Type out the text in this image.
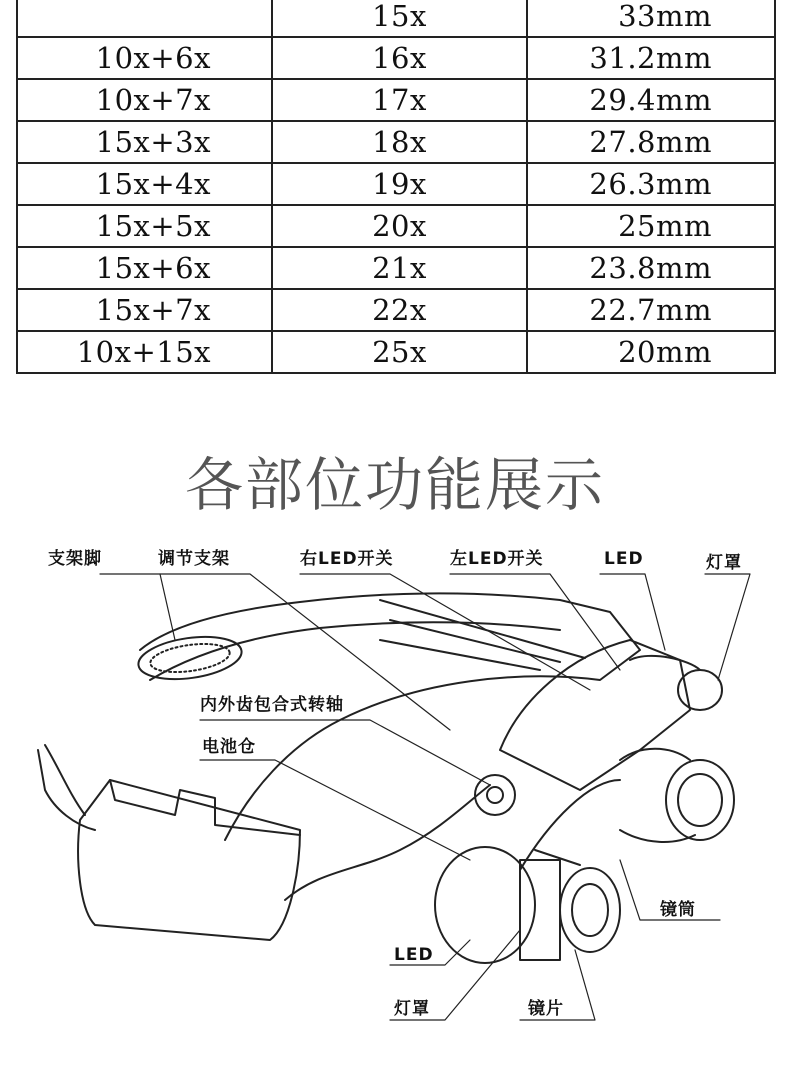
	15x	33mm
10x+6x	16x	31.2mm
10x+7x	17x	29.4mm
15x+3x	18x	27.8mm
15x+4x	19x	26.3mm
15x+5x	20x	25mm
15x+6x	21x	23.8mm
15x+7x	22x	22.7mm
10x+15x	25x	20mm
各部位功能展示
支架脚	调节支架	右LED开关	左LED开关	LED	灯罩
内外齿包合式转轴
电池仓
镜筒
LED
灯罩	镜片
